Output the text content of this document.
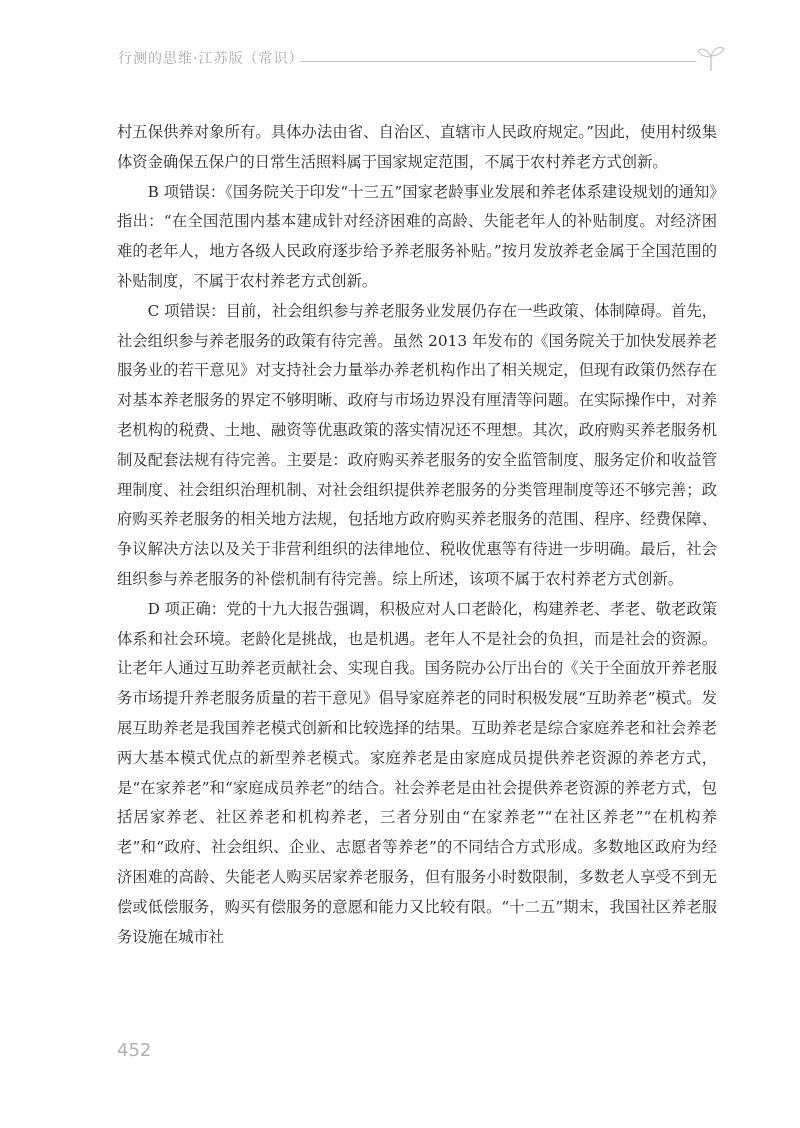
行测的思维·江苏版（常识）

村五保供养对象所有。具体办法由省、自治区、直辖市人民政府规定。”因此，使用村级集体资金确保五保户的日常生活照料属于国家规定范围，不属于农村养老方式创新。

B 项错误：《国务院关于印发“十三五”国家老龄事业发展和养老体系建设规划的通知》指出：“在全国范围内基本建成针对经济困难的高龄、失能老年人的补贴制度。对经济困难的老年人，地方各级人民政府逐步给予养老服务补贴。”按月发放养老金属于全国范围的补贴制度，不属于农村养老方式创新。

C 项错误：目前，社会组织参与养老服务业发展仍存在一些政策、体制障碍。首先，社会组织参与养老服务的政策有待完善。虽然 2013 年发布的《国务院关于加快发展养老服务业的若干意见》对支持社会力量举办养老机构作出了相关规定，但现有政策仍然存在对基本养老服务的界定不够明晰、政府与市场边界没有厘清等问题。在实际操作中，对养老机构的税费、土地、融资等优惠政策的落实情况还不理想。其次，政府购买养老服务机制及配套法规有待完善。主要是：政府购买养老服务的安全监管制度、服务定价和收益管理制度、社会组织治理机制、对社会组织提供养老服务的分类管理制度等还不够完善；政府购买养老服务的相关地方法规，包括地方政府购买养老服务的范围、程序、经费保障、争议解决方法以及关于非营利组织的法律地位、税收优惠等有待进一步明确。最后，社会组织参与养老服务的补偿机制有待完善。综上所述，该项不属于农村养老方式创新。

D 项正确：党的十九大报告强调，积极应对人口老龄化，构建养老、孝老、敬老政策体系和社会环境。老龄化是挑战，也是机遇。老年人不是社会的负担，而是社会的资源。让老年人通过互助养老贡献社会、实现自我。国务院办公厅出台的《关于全面放开养老服务市场提升养老服务质量的若干意见》倡导家庭养老的同时积极发展“互助养老”模式。发展互助养老是我国养老模式创新和比较选择的结果。互助养老是综合家庭养老和社会养老两大基本模式优点的新型养老模式。家庭养老是由家庭成员提供养老资源的养老方式，是“在家养老”和“家庭成员养老”的结合。社会养老是由社会提供养老资源的养老方式，包括居家养老、社区养老和机构养老，三者分别由“在家养老”“在社区养老”“在机构养老”和“政府、社会组织、企业、志愿者等养老”的不同结合方式形成。多数地区政府为经济困难的高龄、失能老人购买居家养老服务，但有服务小时数限制，多数老人享受不到无偿或低偿服务，购买有偿服务的意愿和能力又比较有限。“十二五”期末，我国社区养老服务设施在城市社

452
